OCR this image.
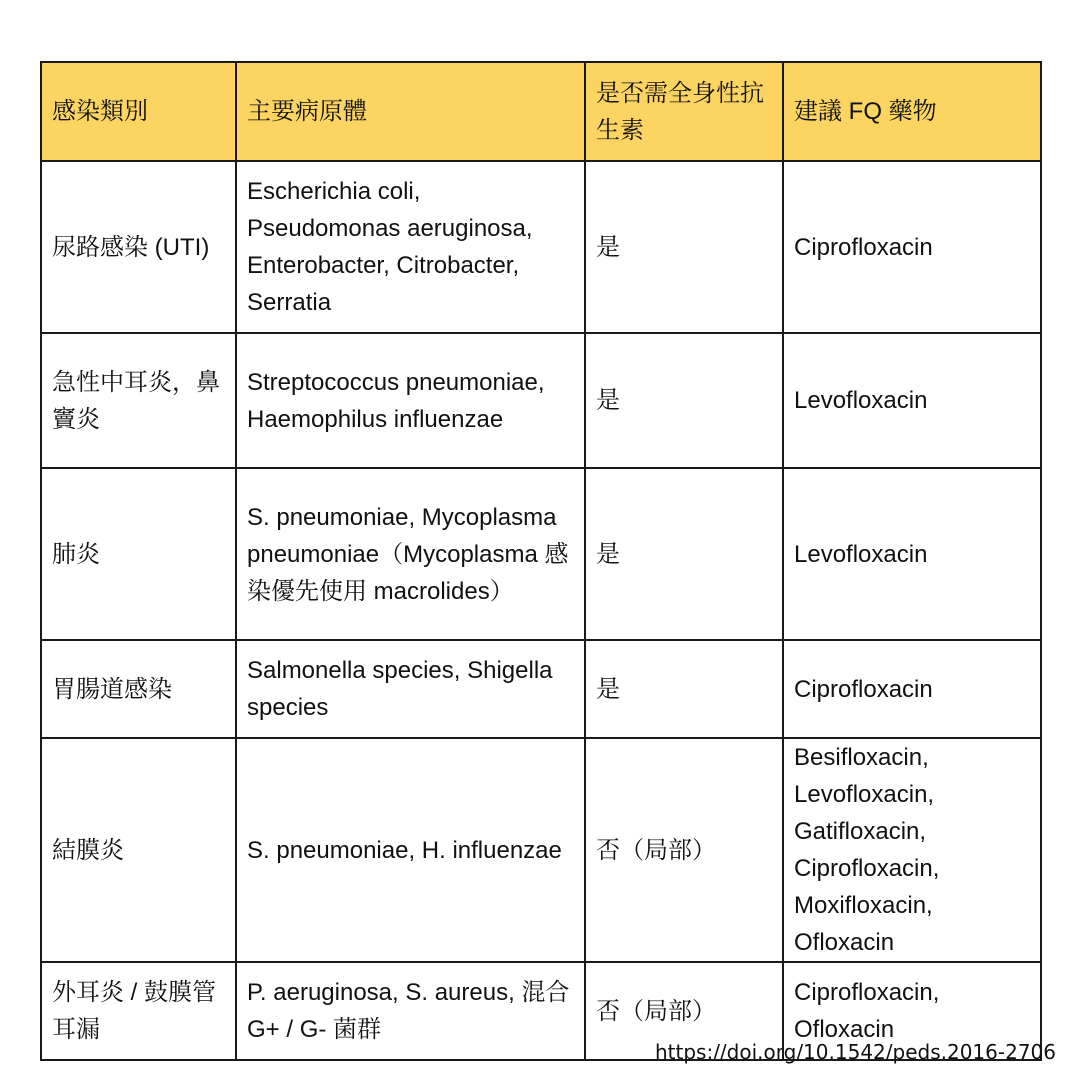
感染類別	主要病原體	是否需全身性抗生素	建議 FQ 藥物
尿路感染 (UTI)	Escherichia coli, Pseudomonas aeruginosa, Enterobacter, Citrobacter, Serratia	是	Ciprofloxacin
急性中耳炎，鼻竇炎	Streptococcus pneumoniae, Haemophilus influenzae	是	Levofloxacin
肺炎	S. pneumoniae, Mycoplasma pneumoniae（Mycoplasma 感染優先使用 macrolides）	是	Levofloxacin
胃腸道感染	Salmonella species, Shigella species	是	Ciprofloxacin
結膜炎	S. pneumoniae, H. influenzae	否（局部）	Besifloxacin, Levofloxacin, Gatifloxacin, Ciprofloxacin, Moxifloxacin, Ofloxacin
外耳炎 / 鼓膜管耳漏	P. aeruginosa, S. aureus, 混合 G+ / G- 菌群	否（局部）	Ciprofloxacin, Ofloxacin
https://doi.org/10.1542/peds.2016-2706
